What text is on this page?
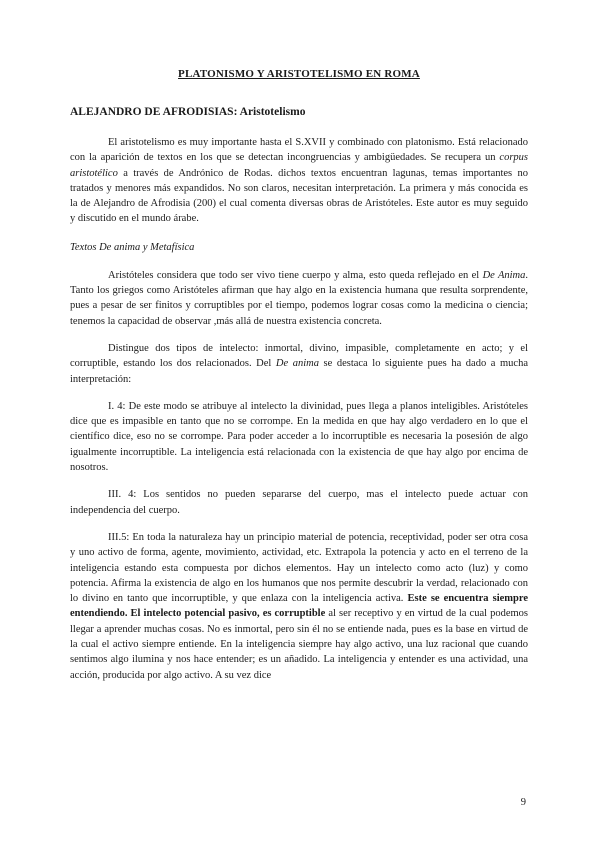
PLATONISMO Y ARISTOTELISMO EN ROMA
ALEJANDRO DE AFRODISIAS: Aristotelismo

El aristotelismo es muy importante hasta el S.XVII y combinado con platonismo. Está relacionado con la aparición de textos en los que se detectan incongruencias y ambigüedades. Se recupera un corpus aristotélico a través de Andrónico de Rodas. dichos textos encuentran lagunas, temas importantes no tratados y menores más expandidos. No son claros, necesitan interpretación. La primera y más conocida es la de Alejandro de Afrodisia (200) el cual comenta diversas obras de Aristóteles. Este autor es muy seguido y discutido en el mundo árabe.

Textos De anima y Metafísica

Aristóteles considera que todo ser vivo tiene cuerpo y alma, esto queda reflejado en el De Anima. Tanto los griegos como Aristóteles afirman que hay algo en la existencia humana que resulta sorprendente, pues a pesar de ser finitos y corruptibles por el tiempo, podemos lograr cosas como la medicina o ciencia; tenemos la capacidad de observar ,más allá de nuestra existencia concreta.

Distingue dos tipos de intelecto: inmortal, divino, impasible, completamente en acto; y el corruptible, estando los dos relacionados. Del De anima se destaca lo siguiente pues ha dado a mucha interpretación:

I. 4: De este modo se atribuye al intelecto la divinidad, pues llega a planos inteligibles. Aristóteles dice que es impasible en tanto que no se corrompe. En la medida en que hay algo verdadero en lo que el científico dice, eso no se corrompe. Para poder acceder a lo incorruptible es necesaria la posesión de algo igualmente incorruptible. La inteligencia está relacionada con la existencia de que hay algo por encima de nosotros.

III. 4: Los sentidos no pueden separarse del cuerpo, mas el intelecto puede actuar con independencia del cuerpo.

III.5: En toda la naturaleza hay un principio material de potencia, receptividad, poder ser otra cosa y uno activo de forma, agente, movimiento, actividad, etc. Extrapola la potencia y acto en el terreno de la inteligencia estando esta compuesta por dichos elementos. Hay un intelecto como acto (luz) y como potencia. Afirma la existencia de algo en los humanos que nos permite descubrir la verdad, relacionado con lo divino en tanto que incorruptible, y que enlaza con la inteligencia activa. Este se encuentra siempre entendiendo. El intelecto potencial pasivo, es corruptible al ser receptivo y en virtud de la cual podemos llegar a aprender muchas cosas. No es inmortal, pero sin él no se entiende nada, pues es la base en virtud de la cual el activo siempre entiende. En la inteligencia siempre hay algo activo, una luz racional que cuando sentimos algo ilumina y nos hace entender; es un añadido. La inteligencia y entender es una actividad, una acción, producida por algo activo. A su vez dice

9
